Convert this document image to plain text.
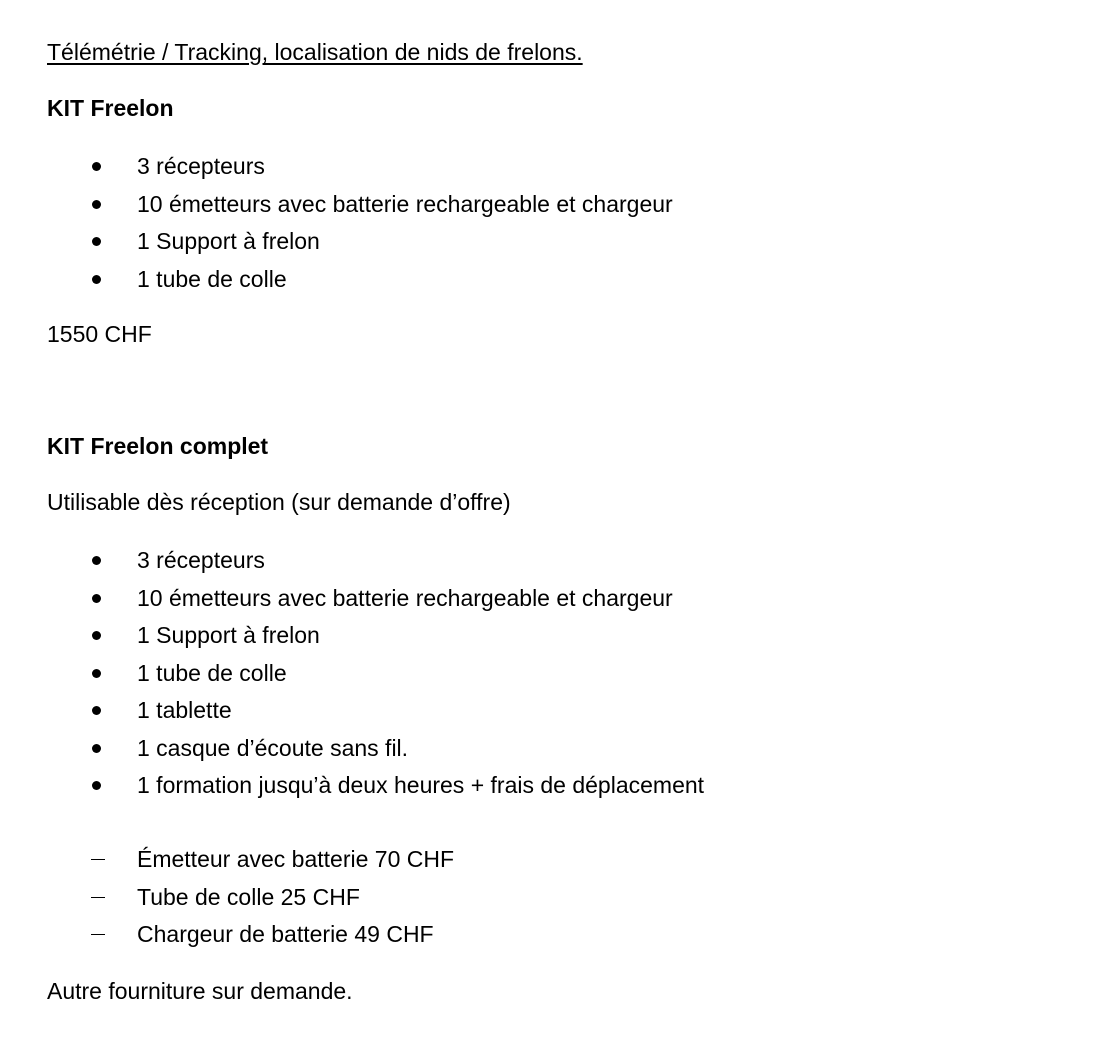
Télémétrie / Tracking, localisation de nids de frelons.
KIT Freelon
3 récepteurs
10 émetteurs avec batterie rechargeable et chargeur
1 Support à frelon
1 tube de colle
1550 CHF
KIT Freelon complet
Utilisable dès réception (sur demande d’offre)
3 récepteurs
10 émetteurs avec batterie rechargeable et chargeur
1 Support à frelon
1 tube de colle
1 tablette
1 casque d’écoute sans fil.
1 formation jusqu’à deux heures + frais de déplacement
Émetteur avec batterie 70 CHF
Tube de colle 25 CHF
Chargeur de batterie 49 CHF
Autre fourniture sur demande.
